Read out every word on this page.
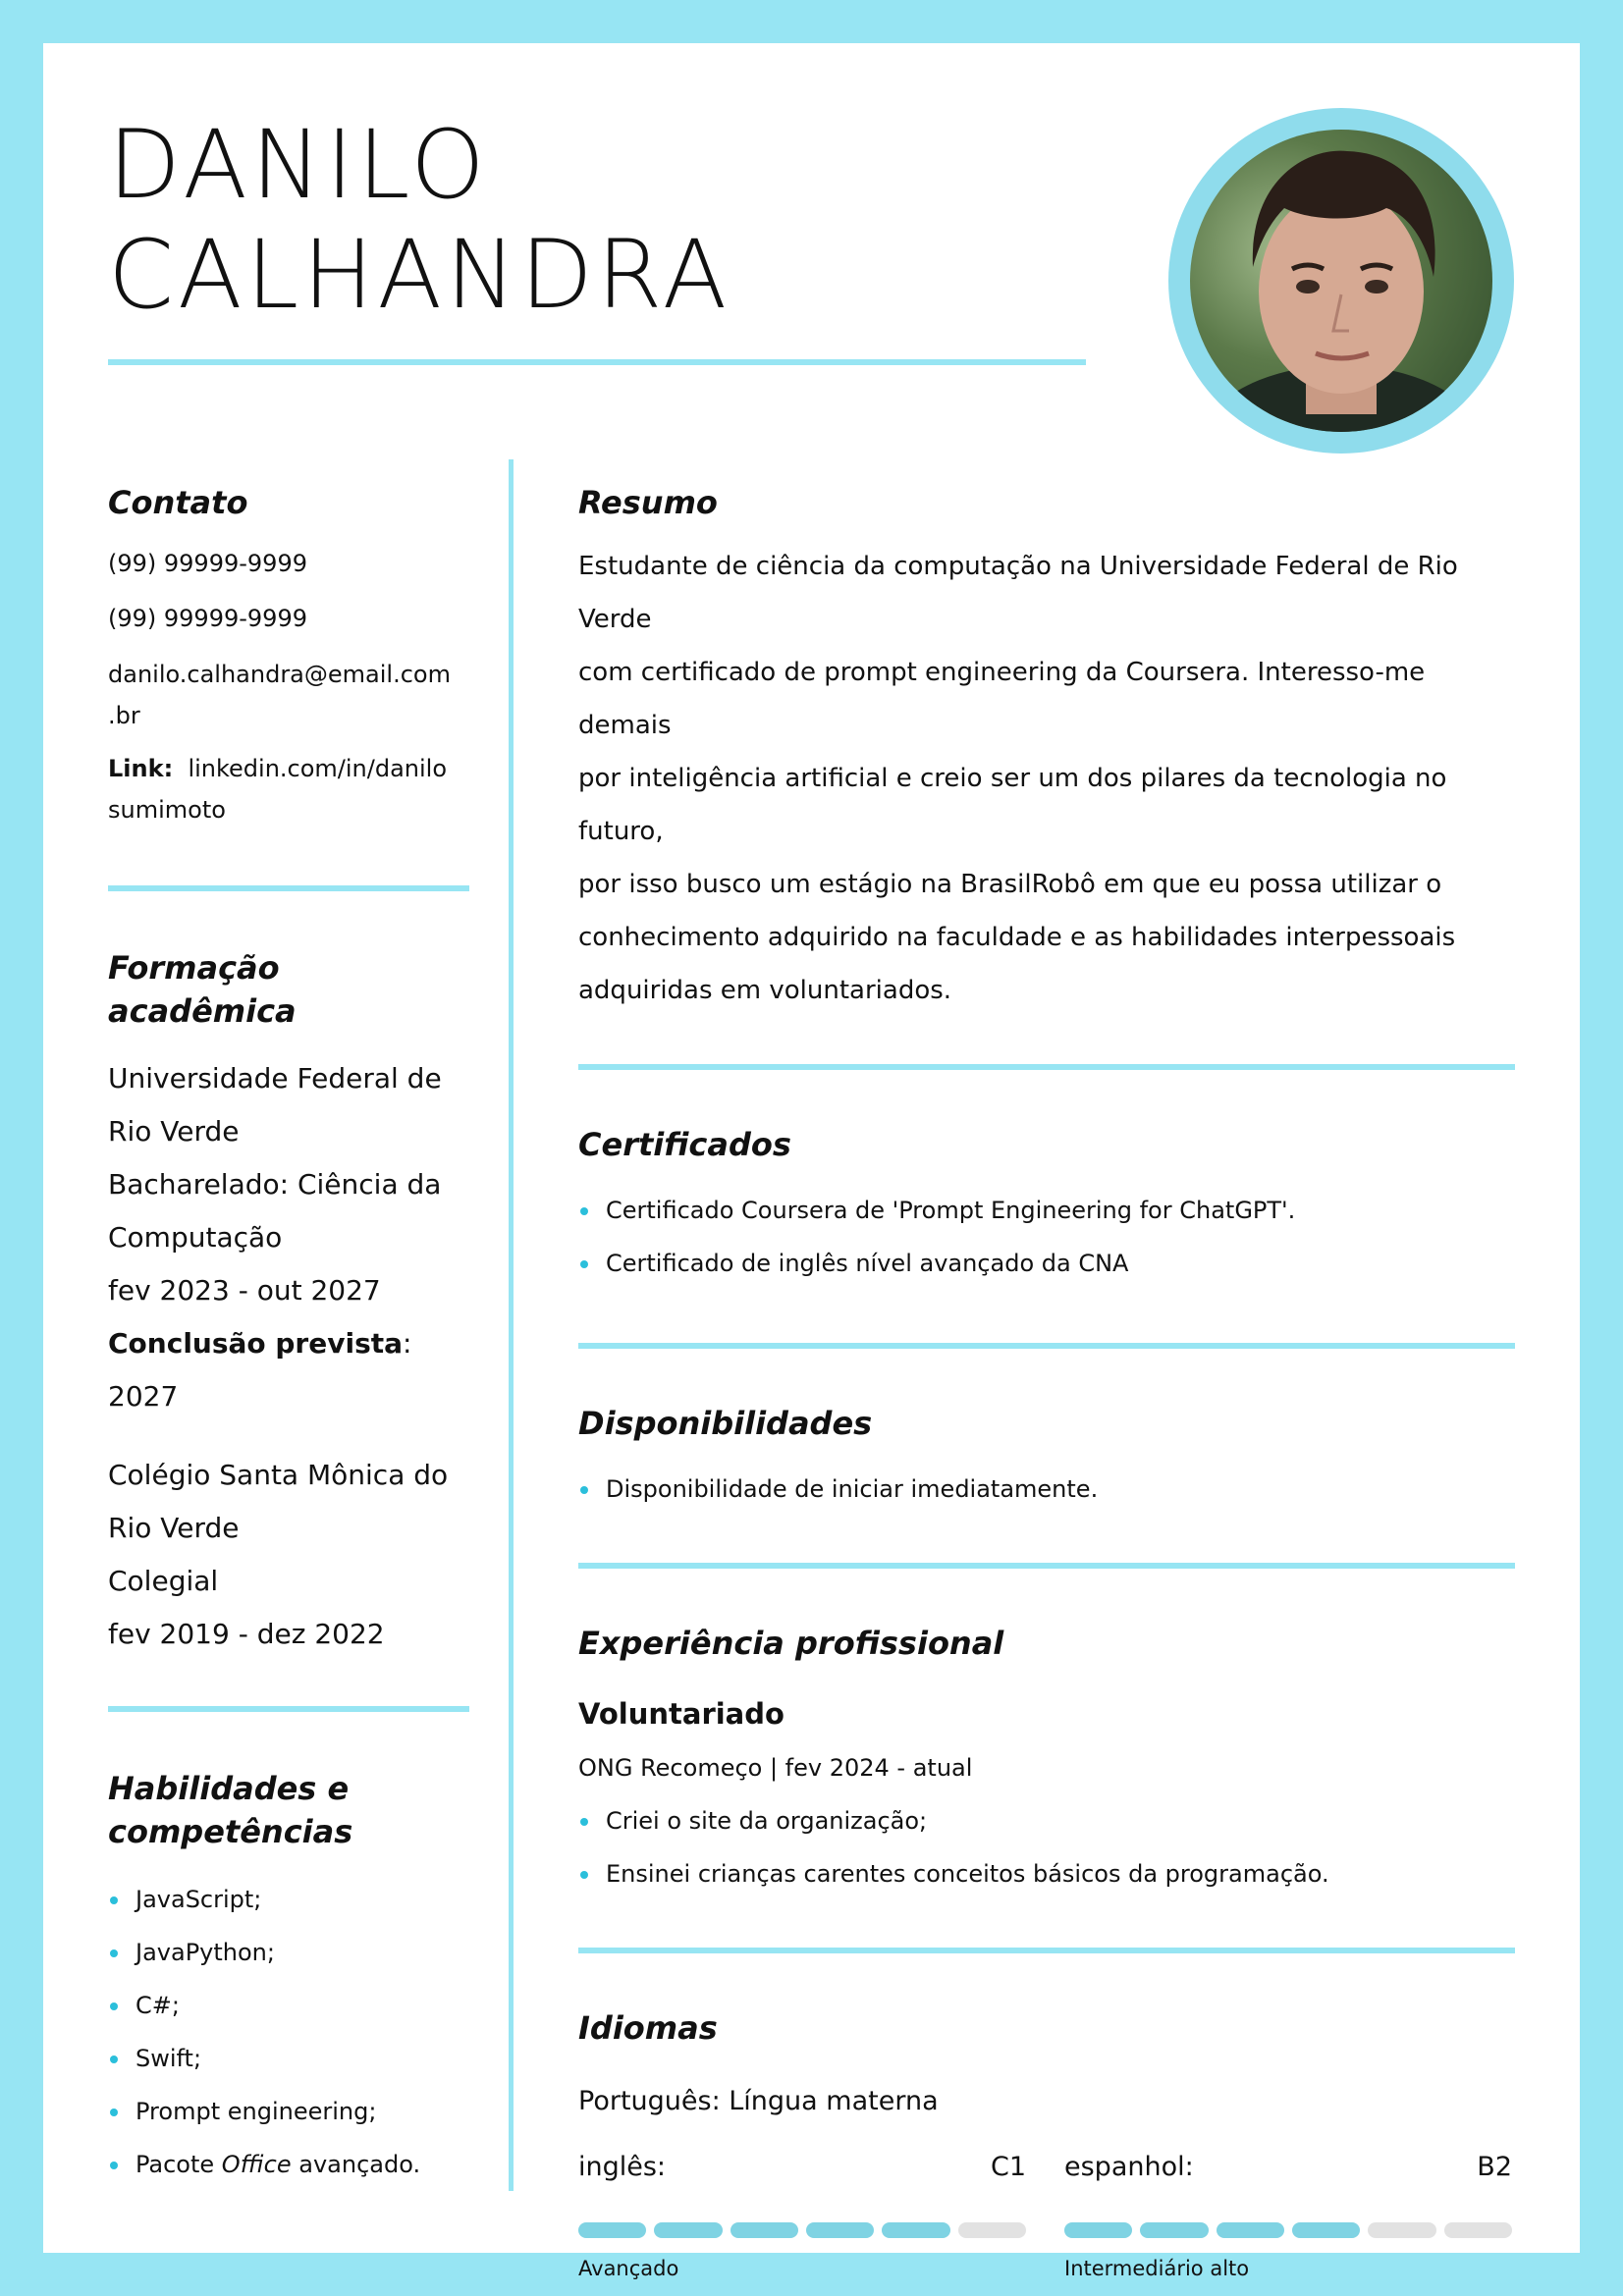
DANILO
CALHANDRA
Contato

(99) 99999-9999

(99) 99999-9999

danilo.calhandra@email.com
.br

Link: linkedin.com/in/danilo
sumimoto

Formação
acadêmica

Universidade Federal de

Rio Verde

Bacharelado: Ciência da

Computação

fev 2023 - out 2027

Conclusão prevista: 2027

Colégio Santa Mônica do

Rio Verde

Colegial

fev 2019 - dez 2022

Habilidades e
competências
JavaScript;
JavaPython;
C#;
Swift;
Prompt engineering;
Pacote Office avançado.
Resumo

Estudante de ciência da computação na Universidade Federal de Rio Verde

com certificado de prompt engineering da Coursera. Interesso-me demais

por inteligência artificial e creio ser um dos pilares da tecnologia no futuro,

por isso busco um estágio na BrasilRobô em que eu possa utilizar o

conhecimento adquirido na faculdade e as habilidades interpessoais

adquiridas em voluntariados.

Certificados
Certificado Coursera de 'Prompt Engineering for ChatGPT'.
Certificado de inglês nível avançado da CNA
Disponibilidades
Disponibilidade de iniciar imediatamente.
Experiência profissional

Voluntariado

ONG Recomeço | fev 2024 - atual

Criei o site da organização;
Ensinei crianças carentes conceitos básicos da programação.
Idiomas

Português: Língua materna

inglês:	C1
Avançado
espanhol:	B2
Intermediário alto
